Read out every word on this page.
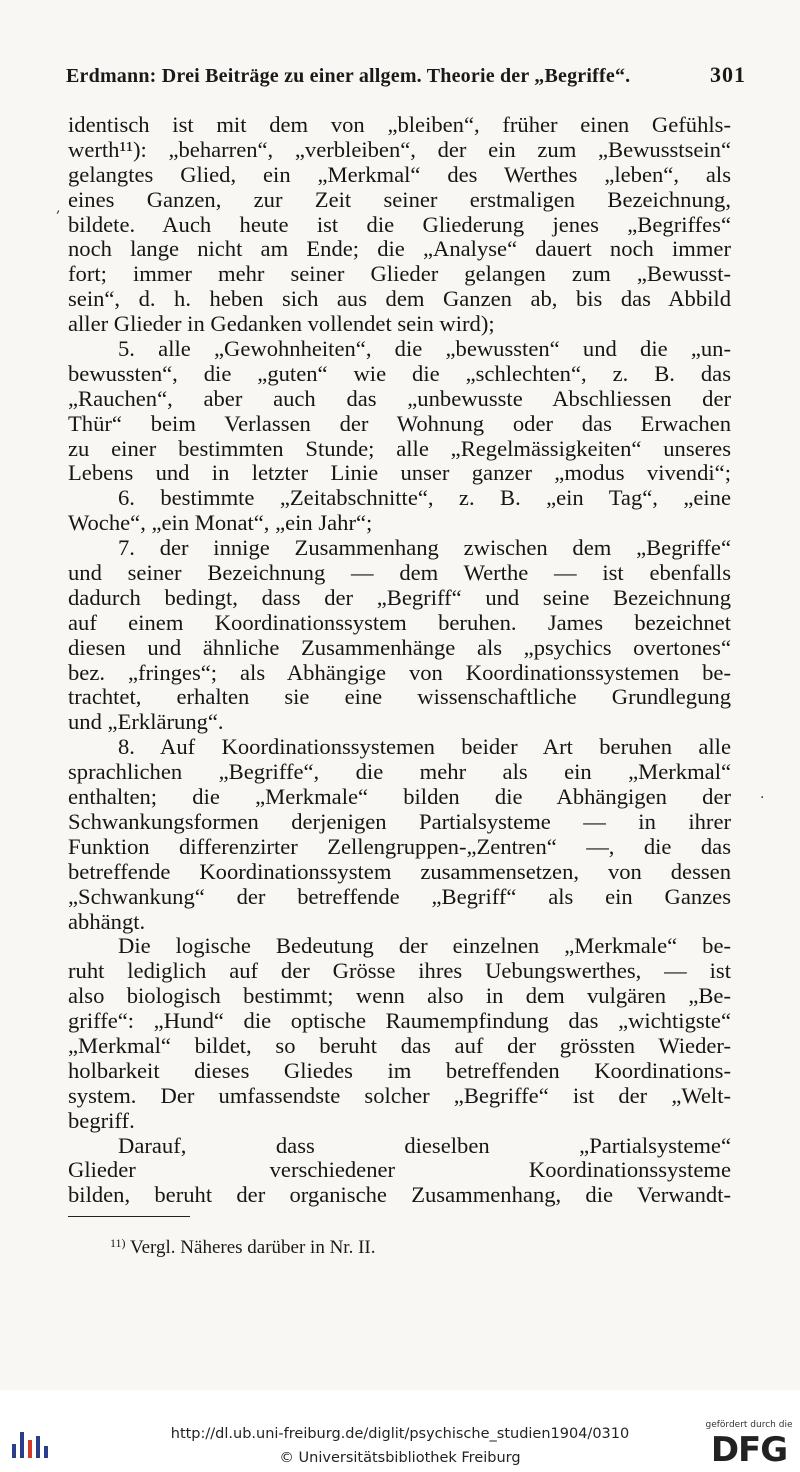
Erdmann: Drei Beiträge zu einer allgem. Theorie der „Begriffe“.	301
identisch ist mit dem von „bleiben“, früher einen Gefühls-
werth¹¹): „beharren“, „verbleiben“, der ein zum „Bewusstsein“
gelangtes Glied, ein „Merkmal“ des Werthes „leben“, als
eines Ganzen, zur Zeit seiner erstmaligen Bezeichnung,
bildete. Auch heute ist die Gliederung jenes „Begriffes“
noch lange nicht am Ende; die „Analyse“ dauert noch immer
fort; immer mehr seiner Glieder gelangen zum „Bewusst-
sein“, d. h. heben sich aus dem Ganzen ab, bis das Abbild
aller Glieder in Gedanken vollendet sein wird);
5. alle „Gewohnheiten“, die „bewussten“ und die „un-
bewussten“, die „guten“ wie die „schlechten“, z. B. das
„Rauchen“, aber auch das „unbewusste Abschliessen der
Thür“ beim Verlassen der Wohnung oder das Erwachen
zu einer bestimmten Stunde; alle „Regelmässigkeiten“ unseres
Lebens und in letzter Linie unser ganzer „modus vivendi“;
6. bestimmte „Zeitabschnitte“, z. B. „ein Tag“, „eine
Woche“, „ein Monat“, „ein Jahr“;
7. der innige Zusammenhang zwischen dem „Begriffe“
und seiner Bezeichnung — dem Werthe — ist ebenfalls
dadurch bedingt, dass der „Begriff“ und seine Bezeichnung
auf einem Koordinationssystem beruhen. James bezeichnet
diesen und ähnliche Zusammenhänge als „psychics overtones“
bez. „fringes“; als Abhängige von Koordinationssystemen be-
trachtet, erhalten sie eine wissenschaftliche Grundlegung
und „Erklärung“.
8. Auf Koordinationssystemen beider Art beruhen alle
sprachlichen „Begriffe“, die mehr als ein „Merkmal“
enthalten; die „Merkmale“ bilden die Abhängigen der
Schwankungsformen derjenigen Partialsysteme — in ihrer
Funktion differenzirter Zellengruppen-„Zentren“ —, die das
betreffende Koordinationssystem zusammensetzen, von dessen
„Schwankung“ der betreffende „Begriff“ als ein Ganzes
abhängt.
Die logische Bedeutung der einzelnen „Merkmale“ be-
ruht lediglich auf der Grösse ihres Uebungswerthes, — ist
also biologisch bestimmt; wenn also in dem vulgären „Be-
griffe“: „Hund“ die optische Raumempfindung das „wichtigste“
„Merkmal“ bildet, so beruht das auf der grössten Wieder-
holbarkeit dieses Gliedes im betreffenden Koordinations-
system. Der umfassendste solcher „Begriffe“ ist der „Welt-
begriff.
Darauf, dass dieselben „Partialsysteme“
Glieder verschiedener Koordinationssysteme
bilden, beruht der organische Zusammenhang, die Verwandt-
$^{11)}$ Vergl. Näheres darüber in Nr. II.
,
·
http://dl.ub.uni-freiburg.de/diglit/psychische_studien1904/0310
© Universitätsbibliothek Freiburg
gefördert durch die
DFG
